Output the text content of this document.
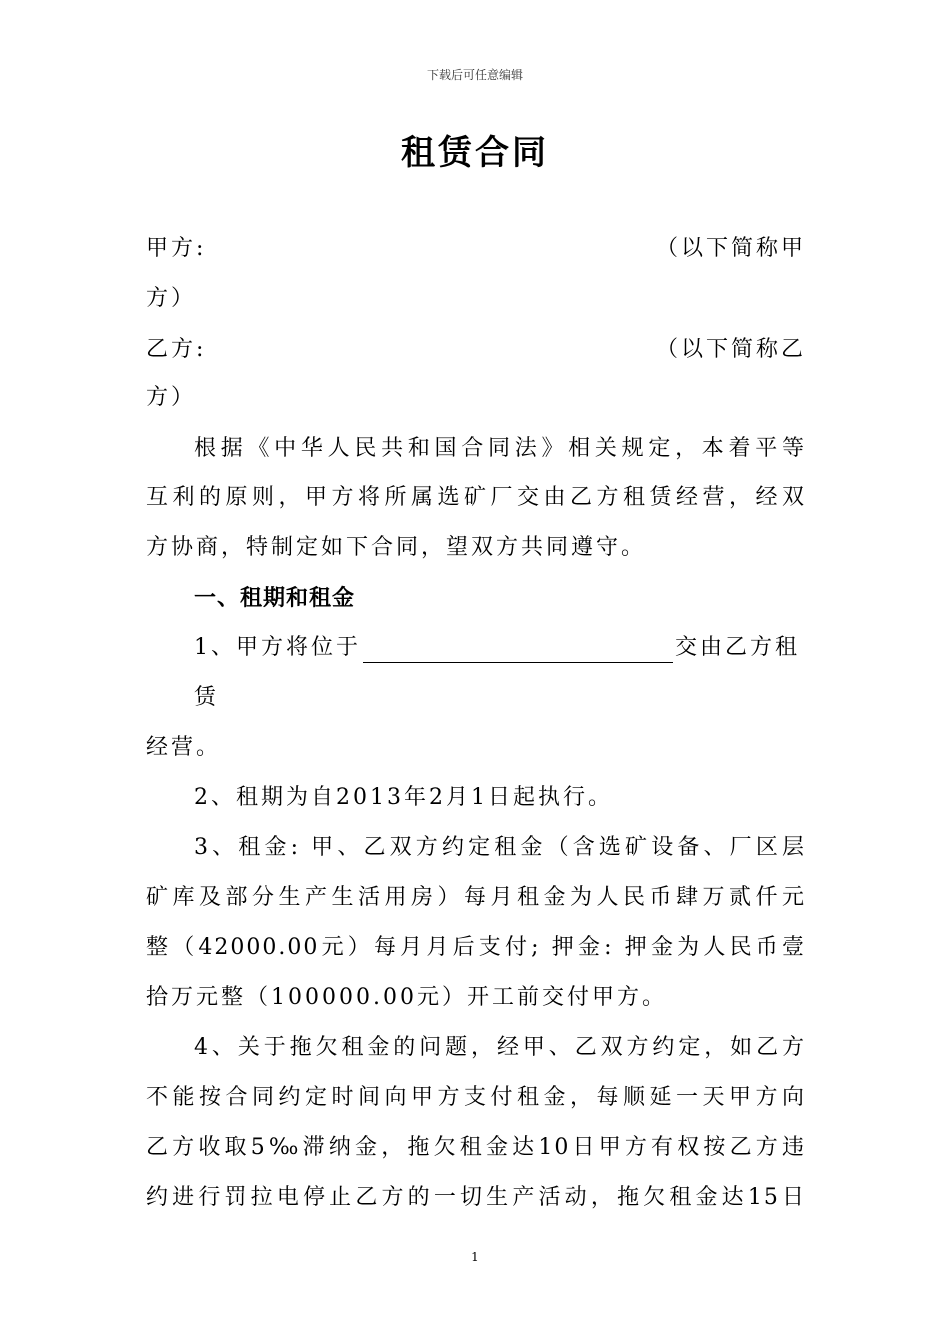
下载后可任意编辑
租赁合同
甲方:	（以下简称甲
方）
乙方:	（以下简称乙
方）
根据《中华人民共和国合同法》相关规定，本着平等
互利的原则，甲方将所属选矿厂交由乙方租赁经营，经双
方协商，特制定如下合同，望双方共同遵守。
一、租期和租金
1、甲方将位于	交由乙方租
赁
经营。
2、租期为自2013年2月1日起执行。
3、租金: 甲、乙双方约定租金（含选矿设备、厂区层
矿库及部分生产生活用房）每月租金为人民币肆万贰仟元
整（42000.00元）每月月后支付; 押金: 押金为人民币壹
拾万元整（100000.00元）开工前交付甲方。
4、关于拖欠租金的问题，经甲、乙双方约定，如乙方
不能按合同约定时间向甲方支付租金，每顺延一天甲方向
乙方收取5‰滞纳金，拖欠租金达10日甲方有权按乙方违
约进行罚拉电停止乙方的一切生产活动，拖欠租金达15日
1
